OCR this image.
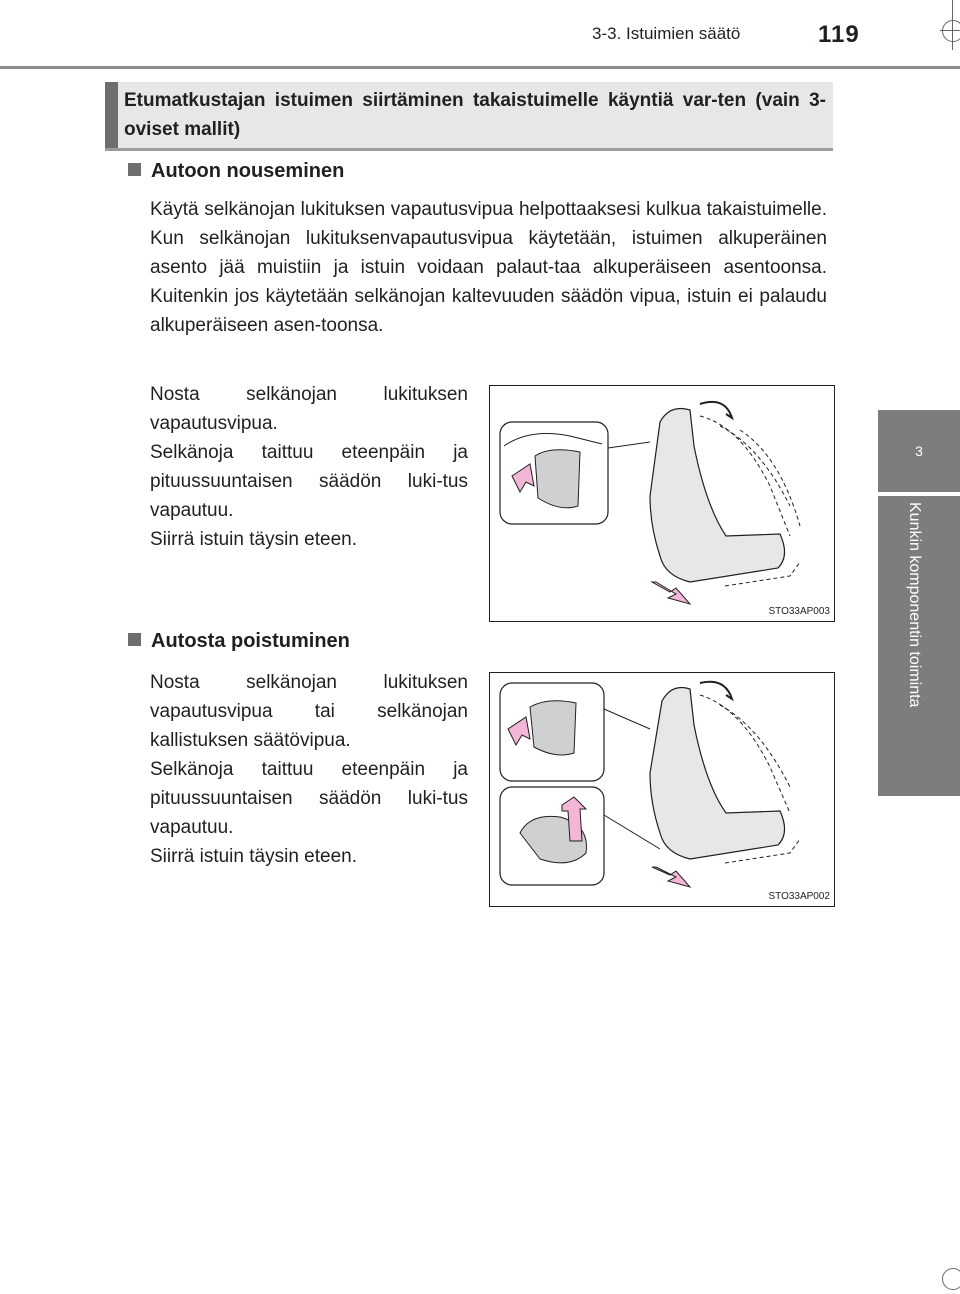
3-3. Istuimien säätö	119
3
Kunkin komponentin toiminta
Etumatkustajan istuimen siirtäminen takaistuimelle käyntiä var-ten (vain 3-oviset mallit)
Autoon nouseminen
Käytä selkänojan lukituksen vapautusvipua helpottaaksesi kulkua takaistuimelle. Kun selkänojan lukituksenvapautusvipua käytetään, istuimen alkuperäinen asento jää muistiin ja istuin voidaan palaut-taa alkuperäiseen asentoonsa. Kuitenkin jos käytetään selkänojan kaltevuuden säädön vipua, istuin ei palaudu alkuperäiseen asen-toonsa.
Nosta selkänojan lukituksen vapautusvipua.
Selkänoja taittuu eteenpäin ja pituussuuntaisen säädön luki-tus vapautuu.
Siirrä istuin täysin eteen.
STO33AP003
Autosta poistuminen
Nosta selkänojan lukituksen vapautusvipua tai selkänojan kallistuksen säätövipua.
Selkänoja taittuu eteenpäin ja pituussuuntaisen säädön luki-tus vapautuu.
Siirrä istuin täysin eteen.
STO33AP002
